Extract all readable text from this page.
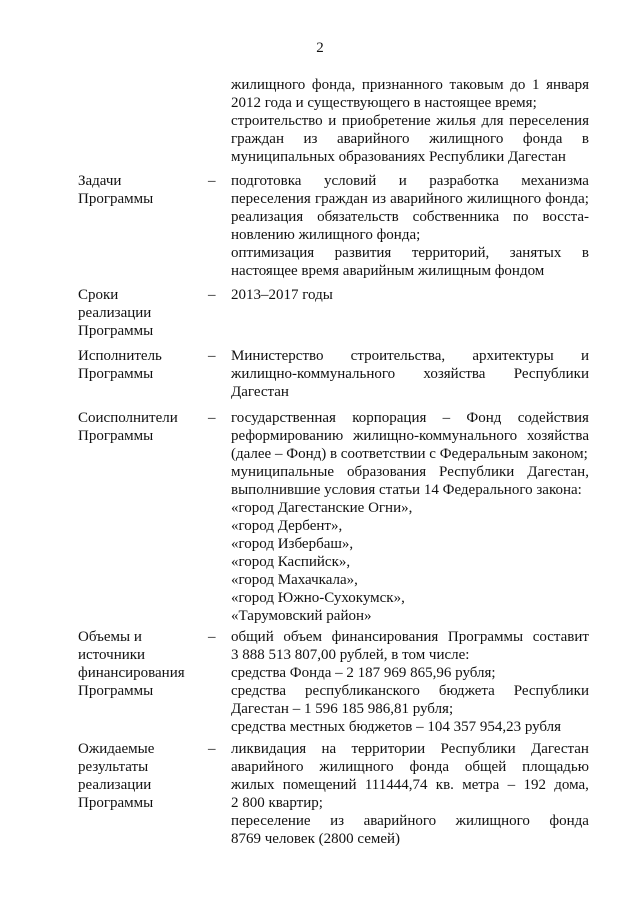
2
жилищного фонда, признанного таковым до 1 января
2012 года и существующего в настоящее время;
строительство и приобретение жилья для переселения
граждан из аварийного жилищного фонда в
муниципальных образованиях Республики Дагестан
Задачи
Программы
– подготовка условий и разработка механизма
переселения граждан из аварийного жилищного фонда;
реализация обязательств собственника по восста-
новлению жилищного фонда;
оптимизация развития территорий, занятых в
настоящее время аварийным жилищным фондом
Сроки
реализации
Программы
– 2013–2017 годы
Исполнитель
Программы
– Министерство строительства, архитектуры и
жилищно-коммунального хозяйства Республики
Дагестан
Соисполнители
Программы
– государственная корпорация – Фонд содействия
реформированию жилищно-коммунального хозяйства
(далее – Фонд) в соответствии с Федеральным законом;
муниципальные образования Республики Дагестан,
выполнившие условия статьи 14 Федерального закона:
«город Дагестанские Огни»,
«город Дербент»,
«город Избербаш»,
«город Каспийск»,
«город Махачкала»,
«город Южно-Сухокумск»,
«Тарумовский район»
Объемы и
источники
финансирования
Программы
– общий объем финансирования Программы составит
3 888 513 807,00 рублей, в том числе:
средства Фонда – 2 187 969 865,96 рубля;
средства республиканского бюджета Республики
Дагестан – 1 596 185 986,81 рубля;
средства местных бюджетов – 104 357 954,23 рубля
Ожидаемые
результаты
реализации
Программы
– ликвидация на территории Республики Дагестан
аварийного жилищного фонда общей площадью
жилых помещений 111444,74 кв. метра – 192 дома,
2 800 квартир;
переселение из аварийного жилищного фонда
8769 человек (2800 семей)
